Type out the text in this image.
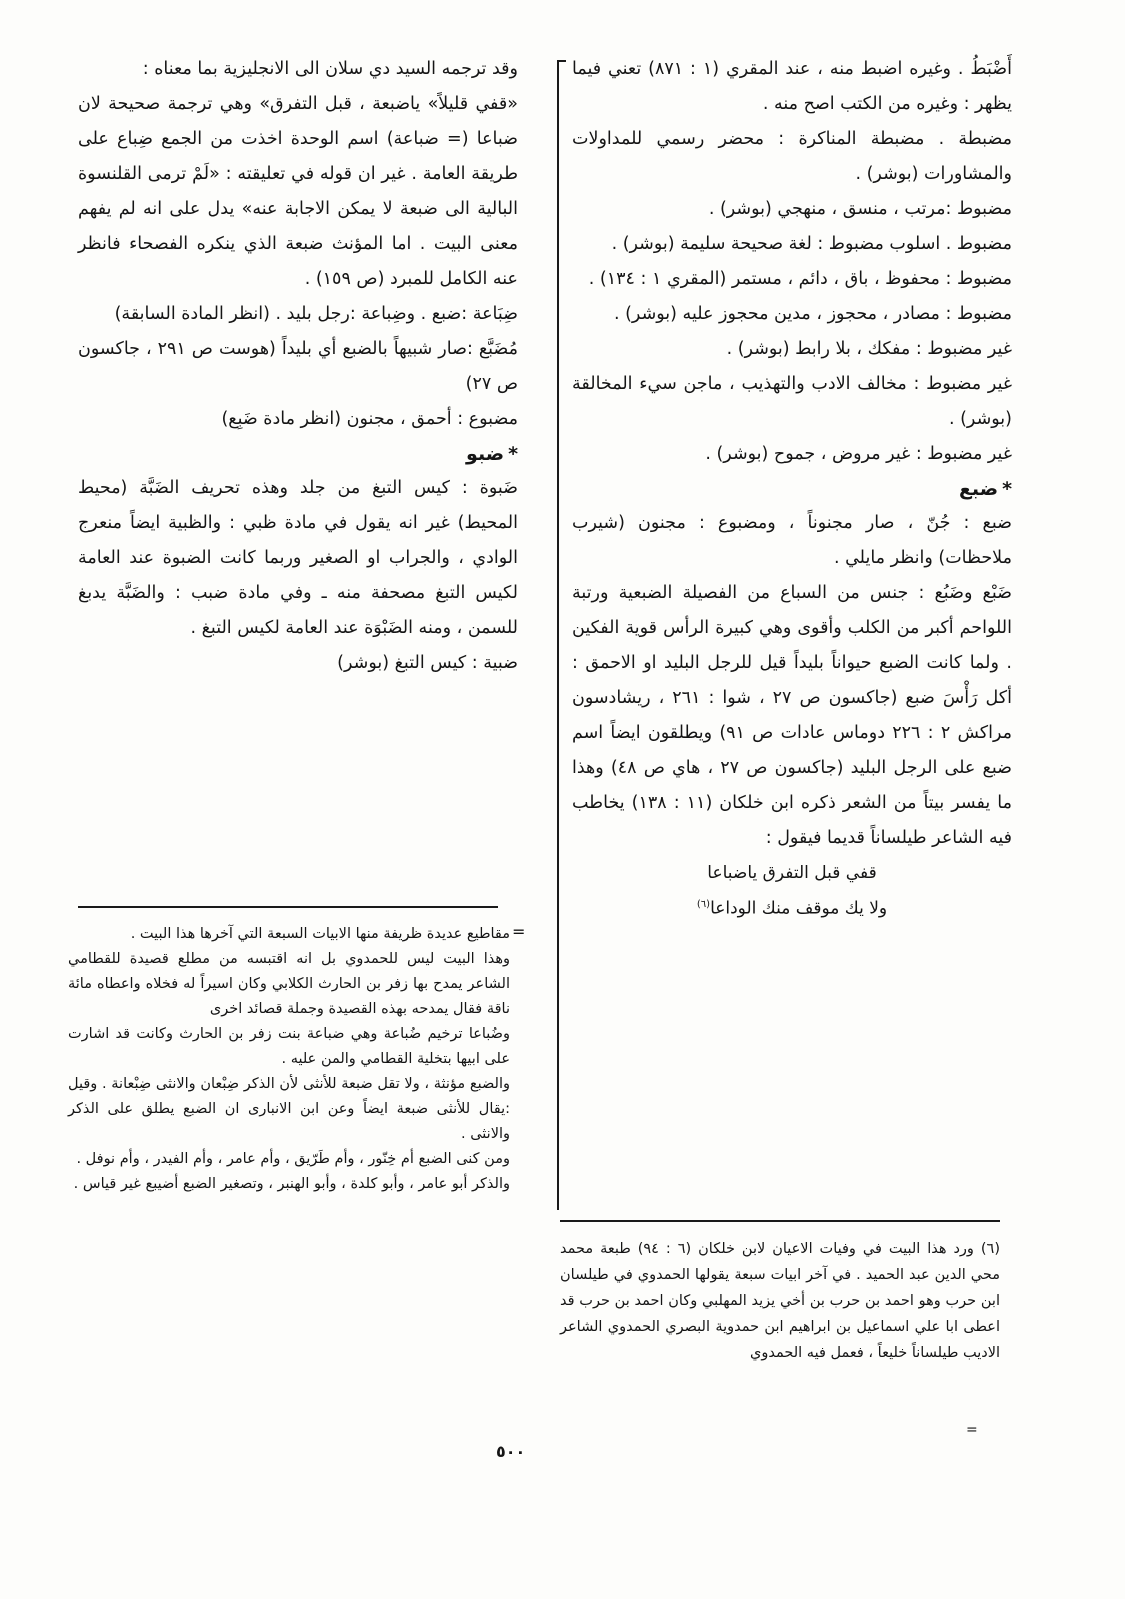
أَضْبَطُ . وغيره اضبط منه ، عند المقري (١ : ٨٧١) تعني فيما يظهر : وغيره من الكتب اصح منه .

مضبطة . مضبطة المناكرة : محضر رسمي للمداولات والمشاورات (بوشر) .

مضبوط :مرتب ، منسق ، منهجي (بوشر) .

مضبوط . اسلوب مضبوط : لغة صحيحة سليمة (بوشر) .

مضبوط : محفوظ ، باق ، دائم ، مستمر (المقري ١ : ١٣٤) .

مضبوط : مصادر ، محجوز ، مدين محجوز عليه (بوشر) .

غير مضبوط : مفكك ، بلا رابط (بوشر) .

غير مضبوط : مخالف الادب والتهذيب ، ماجن سيء المخالقة (بوشر) .

غير مضبوط : غير مروض ، جموح (بوشر) .

*ضبع

ضبع : جُنّ ، صار مجنوناً ، ومضبوع : مجنون (شيرب ملاحظات) وانظر مايلي .

ضَبْع وضَبُع : جنس من السباع من الفصيلة الضبعية ورتبة اللواحم أكبر من الكلب وأقوى وهي كبيرة الرأس قوية الفكين . ولما كانت الضبع حيواناً بليداً قيل للرجل البليد او الاحمق : أكل رَأْسَ ضبع (جاكسون ص ٢٧ ، شوا : ٢٦١ ، ريشادسون مراكش ٢ : ٢٢٦ دوماس عادات ص ٩١) ويطلقون ايضاً اسم ضبع على الرجل البليد (جاكسون ص ٢٧ ، هاي ص ٤٨) وهذا ما يفسر بيتاً من الشعر ذكره ابن خلكان (١١ : ١٣٨) يخاطب فيه الشاعر طيلساناً قديما فيقول :

قفي قبل التفرق ياضباعا

ولا يك موقف منك الوداعا$^{(٦)}$

وقد ترجمه السيد دي سلان الى الانجليزية بما معناه :

«قفي قليلاً» ياضبعة ، قبل التفرق» وهي ترجمة صحيحة لان ضباعا (= ضباعة) اسم الوحدة اخذت من الجمع ضِباع على طريقة العامة . غير ان قوله في تعليقته : «لَمْ ترمى القلنسوة البالية الى ضبعة لا يمكن الاجابة عنه» يدل على انه لم يفهم معنى البيت . اما المؤنث ضبعة الذي ينكره الفصحاء فانظر عنه الكامل للمبرد (ص ١٥٩) .

ضِبَاعة :ضبع . وضِباعة :رجل بليد . (انظر المادة السابقة)

مُضَبَّع :صار شبيهاً بالضبع أي بليداً (هوست ص ٢٩١ ، جاكسون ص ٢٧)

مضبوع : أحمق ، مجنون (انظر مادة ضَبِع)

*ضبو

ضَبوة : كيس التبغ من جلد وهذه تحريف الضَبَّة (محيط المحيط) غير انه يقول في مادة ظبي : والظبية ايضاً منعرج الوادي ، والجراب او الصغير وربما كانت الضبوة عند العامة لكيس التبغ مصحفة منه ـ وفي مادة ضبب : والضَبَّة يدبغ للسمن ، ومنه الضَبْوَة عند العامة لكيس التبغ .

ضبية : كيس التبغ (بوشر)

=

مقاطيع عديدة ظريفة منها الابيات السبعة التي آخرها هذا البيت .

وهذا البيت ليس للحمدوي بل انه اقتبسه من مطلع قصيدة للقطامي الشاعر يمدح بها زفر بن الحارث الكلابي وكان اسيراً له فخلاه واعطاه مائة ناقة فقال يمدحه بهذه القصيدة وجملة قصائد اخرى

وضُباعا ترخيم ضُباعة وهي ضباعة بنت زفر بن الحارث وكانت قد اشارت على ابيها بتخلية القطامي والمن عليه .

والضبع مؤنثة ، ولا تقل ضبعة للأنثى لأن الذكر ضِبْعان والانثى ضِبْعانة . وقيل :يقال للأنثى ضبعة ايضاً وعن ابن الانبارى ان الضبع يطلق على الذكر والانثى .

ومن كنى الضبع أم خِنّور ، وأم طَرّيق ، وأم عامر ، وأم الفيدر ، وأم نوفل .

والذكر أبو عامر ، وأبو كلدة ، وأبو الهنبر ، وتصغير الضبع أضيبع غير قياس .

(٦) ورد هذا البيت في وفيات الاعيان لابن خلكان (٦ : ٩٤) طبعة محمد محي الدين عبد الحميد . في آخر ابيات سبعة يقولها الحمدوي في طيلسان ابن حرب وهو احمد بن حرب بن أخي يزيد المهلبي وكان احمد بن حرب قد اعطى ابا علي اسماعيل بن ابراهيم ابن حمدوية البصري الحمدوي الشاعر الاديب طيلساناً خليعاً ، فعمل فيه الحمدوي

=
٥٠٠
